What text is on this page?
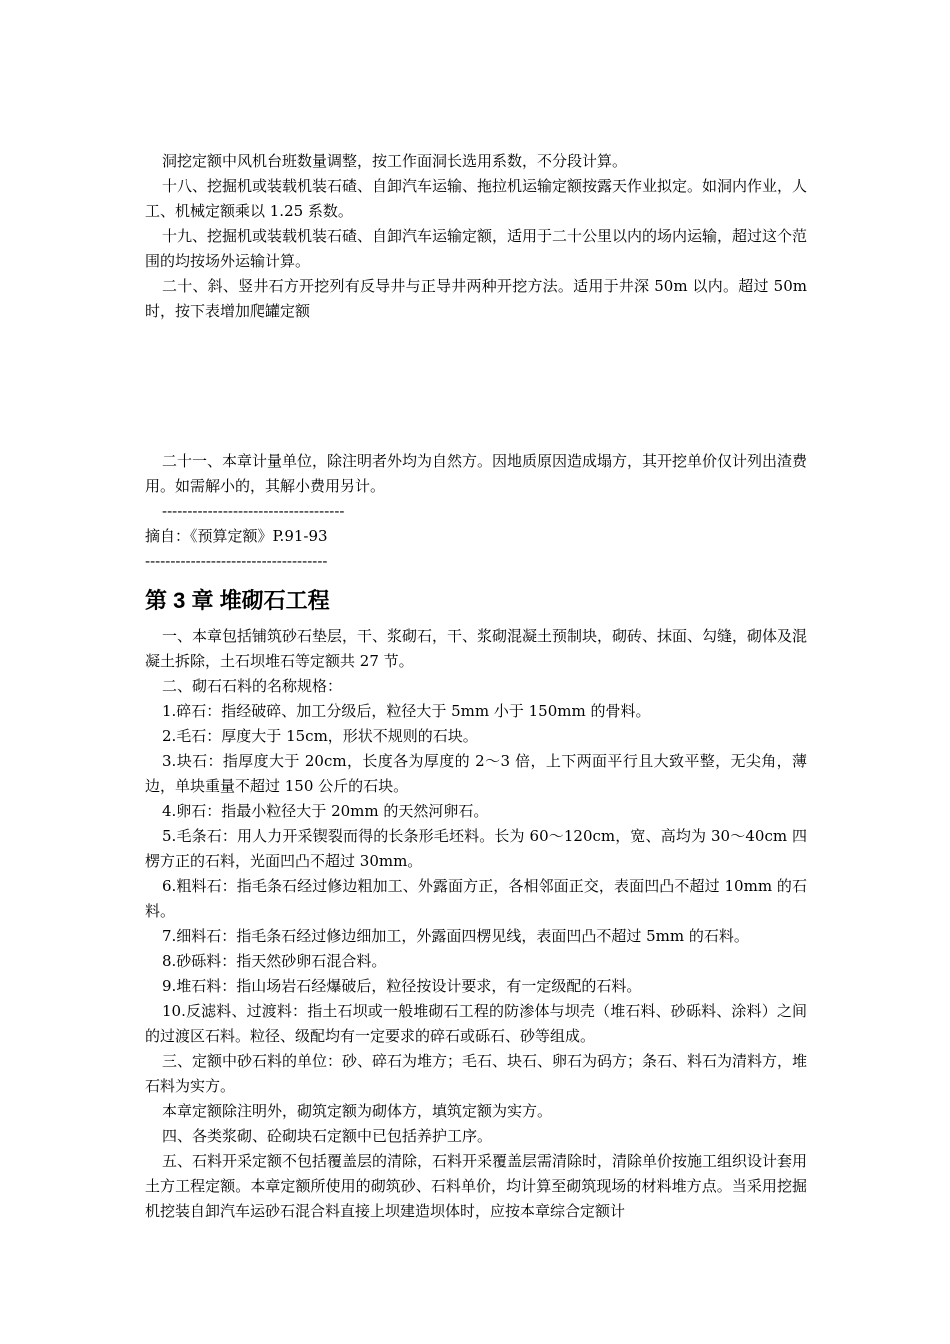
洞挖定额中风机台班数量调整，按工作面洞长选用系数，不分段计算。

十八、挖掘机或装载机装石碴、自卸汽车运输、拖拉机运输定额按露天作业拟定。如洞内作业，人工、机械定额乘以 1.25 系数。

十九、挖掘机或装载机装石碴、自卸汽车运输定额，适用于二十公里以内的场内运输，超过这个范围的均按场外运输计算。

二十、斜、竖井石方开挖列有反导井与正导井两种开挖方法。适用于井深 50m 以内。超过 50m 时，按下表增加爬罐定额

二十一、本章计量单位，除注明者外均为自然方。因地质原因造成塌方，其开挖单价仅计列出渣费用。如需解小的，其解小费用另计。

------------------------------------
摘自：《预算定额》P.91-93
------------------------------------
第 3 章 堆砌石工程

一、本章包括铺筑砂石垫层，干、浆砌石，干、浆砌混凝土预制块，砌砖、抹面、勾缝，砌体及混凝土拆除，土石坝堆石等定额共 27 节。

二、砌石石料的名称规格：

1.碎石：指经破碎、加工分级后，粒径大于 5mm 小于 150mm 的骨料。

2.毛石：厚度大于 15cm，形状不规则的石块。

3.块石：指厚度大于 20cm，长度各为厚度的 2～3 倍，上下两面平行且大致平整，无尖角，薄边，单块重量不超过 150 公斤的石块。

4.卵石：指最小粒径大于 20mm 的天然河卵石。

5.毛条石：用人力开采锲裂而得的长条形毛坯料。长为 60～120cm，宽、高均为 30～40cm 四楞方正的石料，光面凹凸不超过 30mm。

6.粗料石：指毛条石经过修边粗加工、外露面方正，各相邻面正交，表面凹凸不超过 10mm 的石料。

7.细料石：指毛条石经过修边细加工，外露面四楞见线，表面凹凸不超过 5mm 的石料。

8.砂砾料：指天然砂卵石混合料。

9.堆石料：指山场岩石经爆破后，粒径按设计要求，有一定级配的石料。

10.反滤料、过渡料：指土石坝或一般堆砌石工程的防渗体与坝壳（堆石料、砂砾料、涂料）之间的过渡区石料。粒径、级配均有一定要求的碎石或砾石、砂等组成。

三、定额中砂石料的单位：砂、碎石为堆方；毛石、块石、卵石为码方；条石、料石为清料方，堆石料为实方。

本章定额除注明外，砌筑定额为砌体方，填筑定额为实方。

四、各类浆砌、砼砌块石定额中已包括养护工序。

五、石料开采定额不包括覆盖层的清除，石料开采覆盖层需清除时，清除单价按施工组织设计套用土方工程定额。本章定额所使用的砌筑砂、石料单价，均计算至砌筑现场的材料堆方点。当采用挖掘机挖装自卸汽车运砂石混合料直接上坝建造坝体时，应按本章综合定额计
